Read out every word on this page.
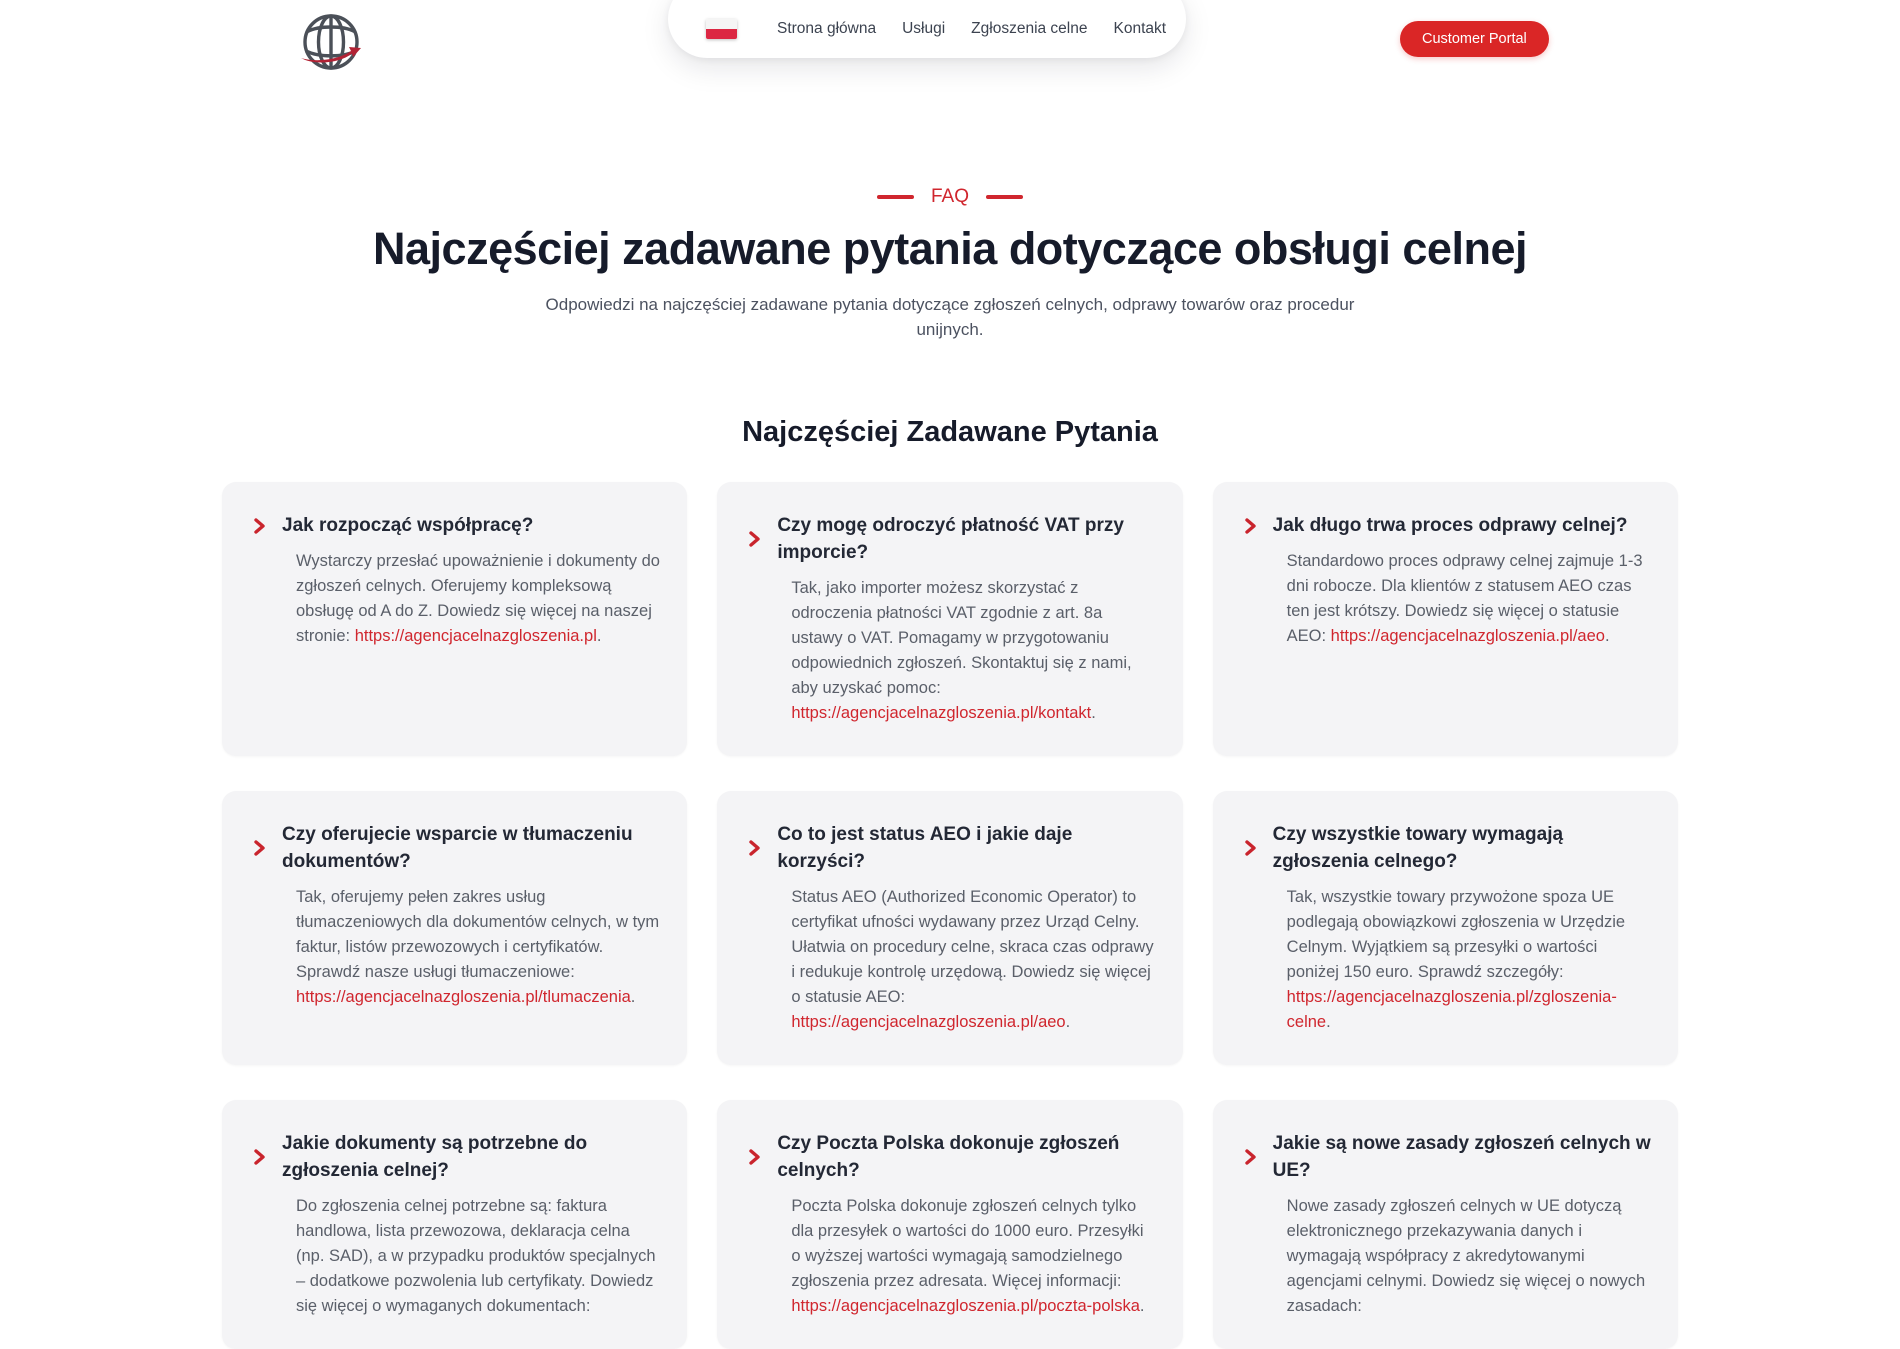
Strona główna Usługi Zgłoszenia celne Kontakt
Customer Portal
FAQ
Najczęściej zadawane pytania dotyczące obsługi celnej
Odpowiedzi na najczęściej zadawane pytania dotyczące zgłoszeń celnych, odprawy towarów oraz procedur unijnych.
Najczęściej Zadawane Pytania
Jak rozpocząć współpracę?
Wystarczy przesłać upoważnienie i dokumenty do zgłoszeń celnych. Oferujemy kompleksową obsługę od A do Z. Dowiedz się więcej na naszej stronie: https://agencjacelnazgloszenia.pl.
Czy mogę odroczyć płatność VAT przy imporcie?
Tak, jako importer możesz skorzystać z odroczenia płatności VAT zgodnie z art. 8a ustawy o VAT. Pomagamy w przygotowaniu odpowiednich zgłoszeń. Skontaktuj się z nami, aby uzyskać pomoc: https://agencjacelnazgloszenia.pl/kontakt.
Jak długo trwa proces odprawy celnej?
Standardowo proces odprawy celnej zajmuje 1-3 dni robocze. Dla klientów z statusem AEO czas ten jest krótszy. Dowiedz się więcej o statusie AEO: https://agencjacelnazgloszenia.pl/aeo.
Czy oferujecie wsparcie w tłumaczeniu dokumentów?
Tak, oferujemy pełen zakres usług tłumaczeniowych dla dokumentów celnych, w tym faktur, listów przewozowych i certyfikatów. Sprawdź nasze usługi tłumaczeniowe: https://agencjacelnazgloszenia.pl/tlumaczenia.
Co to jest status AEO i jakie daje korzyści?
Status AEO (Authorized Economic Operator) to certyfikat ufności wydawany przez Urząd Celny. Ułatwia on procedury celne, skraca czas odprawy i redukuje kontrolę urzędową. Dowiedz się więcej o statusie AEO: https://agencjacelnazgloszenia.pl/aeo.
Czy wszystkie towary wymagają zgłoszenia celnego?
Tak, wszystkie towary przywożone spoza UE podlegają obowiązkowi zgłoszenia w Urzędzie Celnym. Wyjątkiem są przesyłki o wartości poniżej 150 euro. Sprawdź szczegóły: https://agencjacelnazgloszenia.pl/zgloszenia-celne.
Jakie dokumenty są potrzebne do zgłoszenia celnej?
Do zgłoszenia celnej potrzebne są: faktura handlowa, lista przewozowa, deklaracja celna (np. SAD), a w przypadku produktów specjalnych – dodatkowe pozwolenia lub certyfikaty. Dowiedz się więcej o wymaganych dokumentach:
Czy Poczta Polska dokonuje zgłoszeń celnych?
Poczta Polska dokonuje zgłoszeń celnych tylko dla przesyłek o wartości do 1000 euro. Przesyłki o wyższej wartości wymagają samodzielnego zgłoszenia przez adresata. Więcej informacji: https://agencjacelnazgloszenia.pl/poczta-polska.
Jakie są nowe zasady zgłoszeń celnych w UE?
Nowe zasady zgłoszeń celnych w UE dotyczą elektronicznego przekazywania danych i wymagają współpracy z akredytowanymi agencjami celnymi. Dowiedz się więcej o nowych zasadach:
